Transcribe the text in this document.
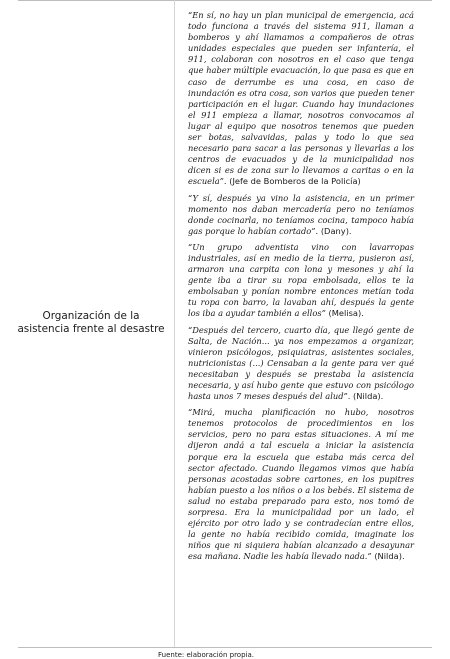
Organización de la asistencia frente al desastre

“En sí, no hay un plan municipal de emergencia, acá todo funciona a través del sistema 911, llaman a bomberos y ahí llamamos a compañeros de otras unidades especiales que pueden ser infantería, el 911, colaboran con nosotros en el caso que tenga que haber múltiple evacuación, lo que pasa es que en caso de derrumbe es una cosa, en caso de inundación es otra cosa, son varios que pueden tener participación en el lugar. Cuando hay inundaciones el 911 empieza a llamar, nosotros convocamos al lugar al equipo que nosotros tenemos que pueden ser botas, salvavidas, palas y todo lo que sea necesario para sacar a las personas y llevarlas a los centros de evacuados y de la municipalidad nos dicen si es de zona sur lo llevamos a caritas o en la escuela”. (Jefe de Bomberos de la Policía)

“Y sí, después ya vino la asistencia, en un primer momento nos daban mercadería pero no teníamos donde cocinarla, no teníamos cocina, tampoco había gas porque lo habían cortado”. (Dany).

“Un grupo adventista vino con lavarropas industriales, así en medio de la tierra, pusieron así, armaron una carpita con lona y mesones y ahí la gente iba a tirar su ropa embolsada, ellos te la embolsaban y ponían nombre entonces metían toda tu ropa con barro, la lavaban ahí, después la gente los iba a ayudar también a ellos” (Melisa).

“Después del tercero, cuarto día, que llegó gente de Salta, de Nación... ya nos empezamos a organizar, vinieron psicólogos, psiquiatras, asistentes sociales, nutricionistas (...) Censaban a la gente para ver qué necesitaban y después se prestaba la asistencia necesaria, y así hubo gente que estuvo con psicólogo hasta unos 7 meses después del alud”. (Nilda).

“Mirá, mucha planificación no hubo, nosotros tenemos protocolos de procedimientos en los servicios, pero no para estas situaciones. A mí me dijeron andá a tal escuela a iniciar la asistencia porque era la escuela que estaba más cerca del sector afectado. Cuando llegamos vimos que había personas acostadas sobre cartones, en los pupitres habían puesto a los niños o a los bebés. El sistema de salud no estaba preparado para esto, nos tomó de sorpresa. Era la municipalidad por un lado, el ejército por otro lado y se contradecían entre ellos, la gente no había recibido comida, imaginate los niños que ni siquiera habían alcanzado a desayunar esa mañana. Nadie les había llevado nada.” (Nilda).

Fuente: elaboración propia.
